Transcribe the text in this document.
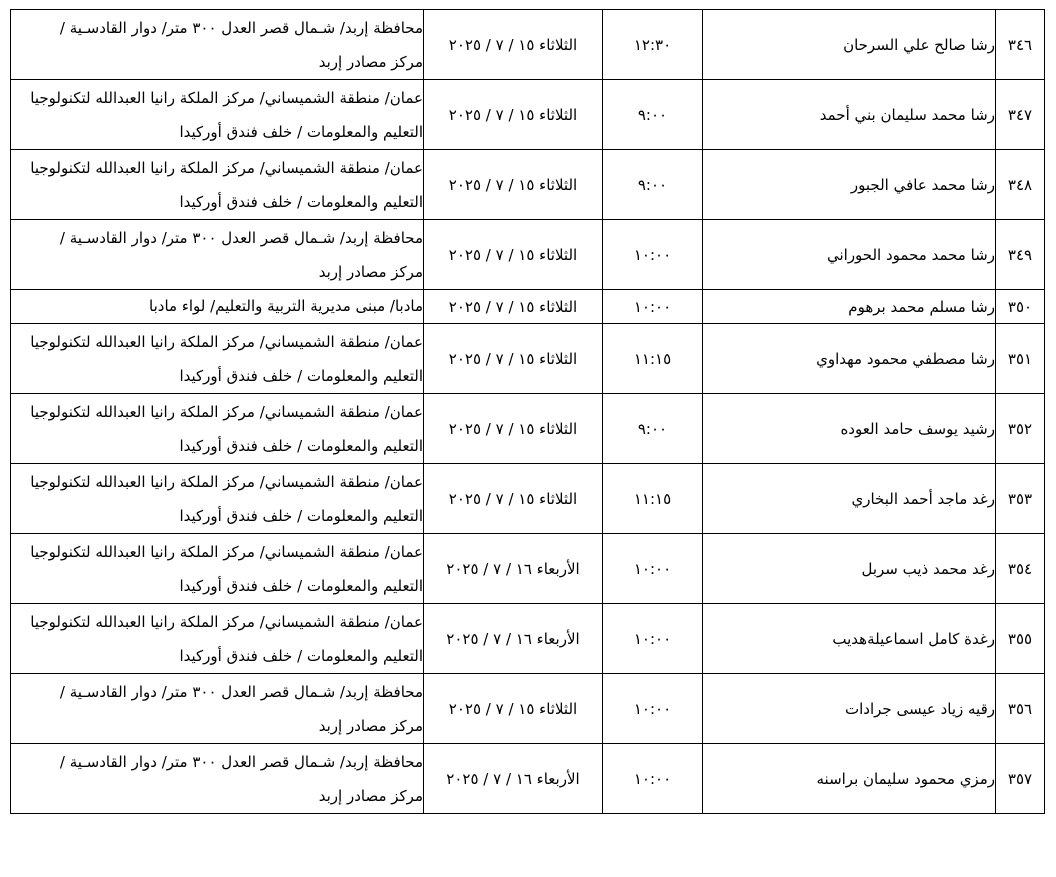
٣٤٦	رشا صالح علي السرحان	١٢:٣٠	الثلاثاء ١٥ / ٧ / ٢٠٢٥	محافظة إربد/ شـمال قصر العدل ٣٠٠ متر/ دوار القادسـية /
مركز مصادر إربد

٣٤٧	رشا محمد سليمان بني أحمد	٩:٠٠	الثلاثاء ١٥ / ٧ / ٢٠٢٥	عمان/ منطقة الشميساني/ مركز الملكة رانيا العبدالله لتكنولوجيا
التعليم والمعلومات / خلف فندق أوركيدا

٣٤٨	رشا محمد عافي الجبور	٩:٠٠	الثلاثاء ١٥ / ٧ / ٢٠٢٥	عمان/ منطقة الشميساني/ مركز الملكة رانيا العبدالله لتكنولوجيا
التعليم والمعلومات / خلف فندق أوركيدا

٣٤٩	رشا محمد محمود الحوراني	١٠:٠٠	الثلاثاء ١٥ / ٧ / ٢٠٢٥	محافظة إربد/ شـمال قصر العدل ٣٠٠ متر/ دوار القادسـية /
مركز مصادر إربد

٣٥٠	رشا مسلم محمد برهوم	١٠:٠٠	الثلاثاء ١٥ / ٧ / ٢٠٢٥	مادبا/ مبنى مديرية التربية والتعليم/ لواء مادبا

٣٥١	رشا مصطفي محمود مهداوي	١١:١٥	الثلاثاء ١٥ / ٧ / ٢٠٢٥	عمان/ منطقة الشميساني/ مركز الملكة رانيا العبدالله لتكنولوجيا
التعليم والمعلومات / خلف فندق أوركيدا

٣٥٢	رشيد يوسف حامد العوده	٩:٠٠	الثلاثاء ١٥ / ٧ / ٢٠٢٥	عمان/ منطقة الشميساني/ مركز الملكة رانيا العبدالله لتكنولوجيا
التعليم والمعلومات / خلف فندق أوركيدا

٣٥٣	رغد ماجد أحمد البخاري	١١:١٥	الثلاثاء ١٥ / ٧ / ٢٠٢٥	عمان/ منطقة الشميساني/ مركز الملكة رانيا العبدالله لتكنولوجيا
التعليم والمعلومات / خلف فندق أوركيدا

٣٥٤	رغد محمد ذيب سربل	١٠:٠٠	الأربعاء ١٦ / ٧ / ٢٠٢٥	عمان/ منطقة الشميساني/ مركز الملكة رانيا العبدالله لتكنولوجيا
التعليم والمعلومات / خلف فندق أوركيدا

٣٥٥	رغدة كامل اسماعيلةهديب	١٠:٠٠	الأربعاء ١٦ / ٧ / ٢٠٢٥	عمان/ منطقة الشميساني/ مركز الملكة رانيا العبدالله لتكنولوجيا
التعليم والمعلومات / خلف فندق أوركيدا

٣٥٦	رقيه زياد عيسى جرادات	١٠:٠٠	الثلاثاء ١٥ / ٧ / ٢٠٢٥	محافظة إربد/ شـمال قصر العدل ٣٠٠ متر/ دوار القادسـية /
مركز مصادر إربد

٣٥٧	رمزي محمود سليمان براسنه	١٠:٠٠	الأربعاء ١٦ / ٧ / ٢٠٢٥	محافظة إربد/ شـمال قصر العدل ٣٠٠ متر/ دوار القادسـية /
مركز مصادر إربد
